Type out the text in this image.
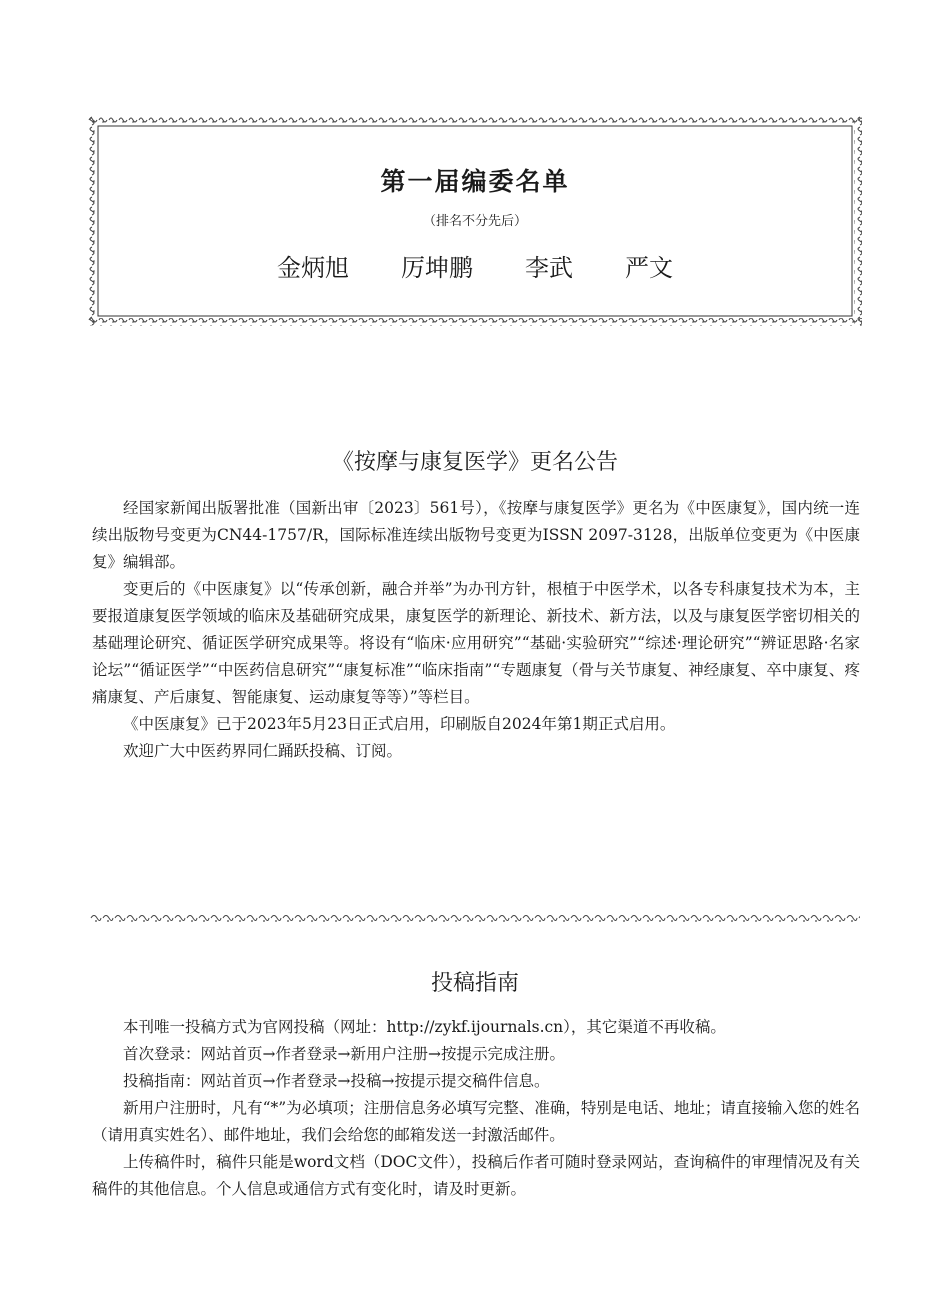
第一届编委名单
（排名不分先后）
金炳旭 厉坤鹏 李武 严文
《按摩与康复医学》更名公告

经国家新闻出版署批准（国新出审〔2023〕561号），《按摩与康复医学》更名为《中医康复》，国内统一连续出版物号变更为CN44-1757/R，国际标准连续出版物号变更为ISSN 2097-3128，出版单位变更为《中医康复》编辑部。

变更后的《中医康复》以“传承创新，融合并举”为办刊方针，根植于中医学术，以各专科康复技术为本，主要报道康复医学领域的临床及基础研究成果，康复医学的新理论、新技术、新方法，以及与康复医学密切相关的基础理论研究、循证医学研究成果等。将设有“临床·应用研究”“基础·实验研究”“综述·理论研究”“辨证思路·名家论坛”“循证医学”“中医药信息研究”“康复标准”“临床指南”“专题康复（骨与关节康复、神经康复、卒中康复、疼痛康复、产后康复、智能康复、运动康复等等）”等栏目。

《中医康复》已于2023年5月23日正式启用，印刷版自2024年第1期正式启用。

欢迎广大中医药界同仁踊跃投稿、订阅。

投稿指南

本刊唯一投稿方式为官网投稿（网址：http://zykf.ijournals.cn），其它渠道不再收稿。

首次登录：网站首页→作者登录→新用户注册→按提示完成注册。

投稿指南：网站首页→作者登录→投稿→按提示提交稿件信息。

新用户注册时，凡有“*”为必填项；注册信息务必填写完整、准确，特别是电话、地址；请直接输入您的姓名（请用真实姓名）、邮件地址，我们会给您的邮箱发送一封激活邮件。

上传稿件时，稿件只能是word文档（DOC文件），投稿后作者可随时登录网站，查询稿件的审理情况及有关稿件的其他信息。个人信息或通信方式有变化时，请及时更新。
